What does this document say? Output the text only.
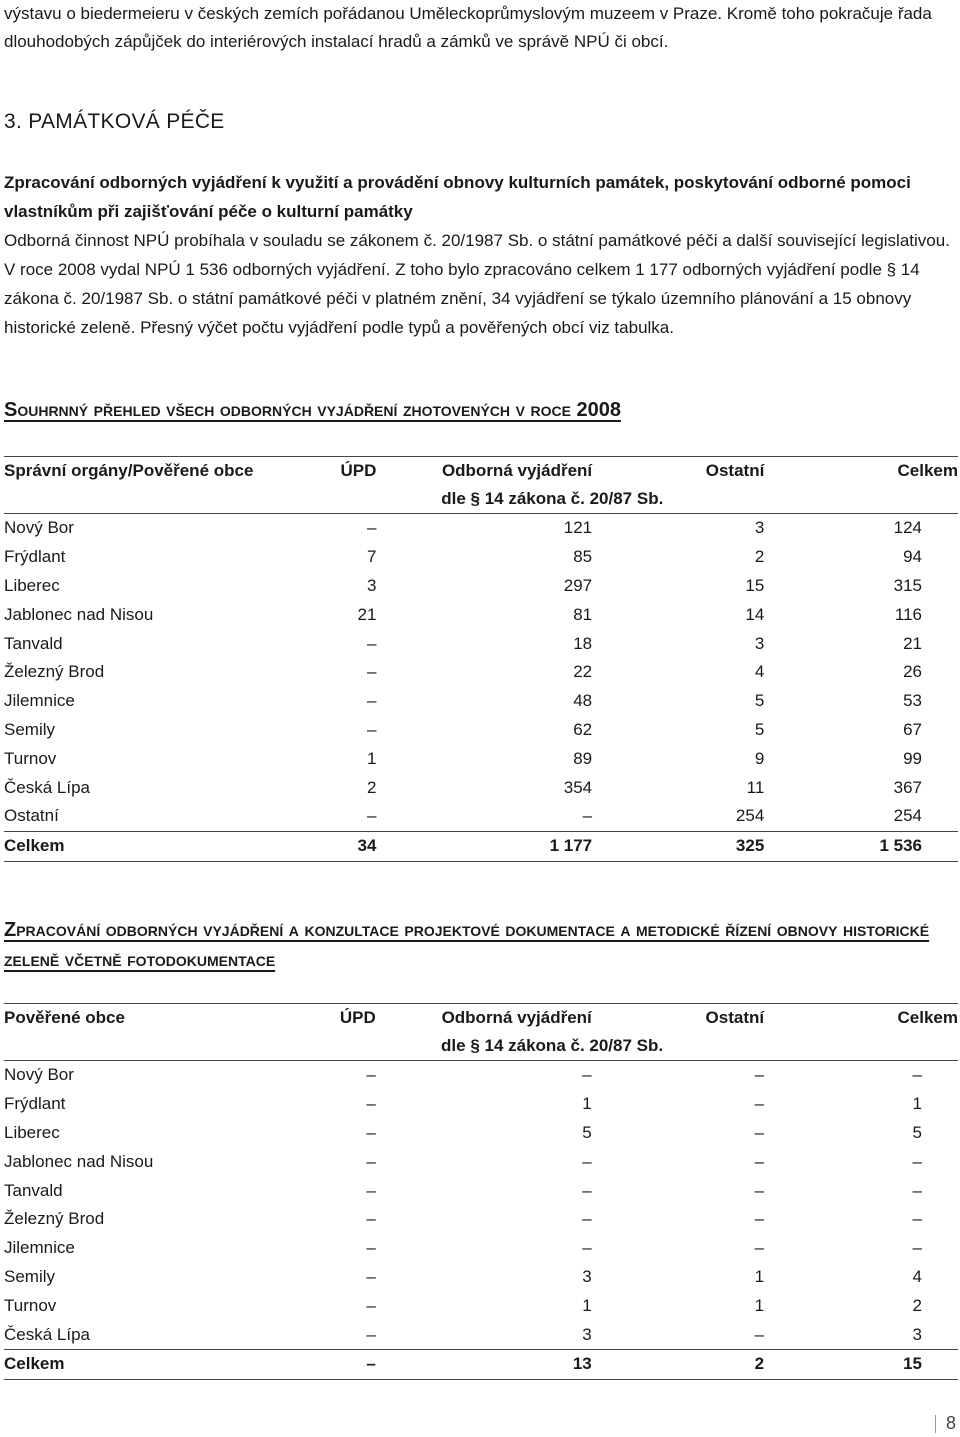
výstavu o biedermeieru v českých zemích pořádanou Uměleckoprůmyslovým muzeem v Praze. Kromě toho pokračuje řada
dlouhodobých zápůjček do interiérových instalací hradů a zámků ve správě NPÚ či obcí.
3. PAMÁTKOVÁ PÉČE
Zpracování odborných vyjádření k využití a provádění obnovy kulturních památek, poskytování odborné pomoci vlastníkům při zajišťování péče o kulturní památky
Odborná činnost NPÚ probíhala v souladu se zákonem č. 20/1987 Sb. o státní památkové péči a další související legislativou. V roce 2008 vydal NPÚ 1 536 odborných vyjádření. Z toho bylo zpracováno celkem 1 177 odborných vyjádření podle § 14 zákona č. 20/1987 Sb. o státní památkové péči v platném znění, 34 vyjádření se týkalo územního plánování a 15 obnovy historické zeleně. Přesný výčet počtu vyjádření podle typů a pověřených obcí viz tabulka.
Souhrnný přehled všech odborných vyjádření zhotovených v roce 2008
Správní orgány/Pověřené obce	ÚPD	Odborná vyjádření	Ostatní	Celkem
		dle § 14 zákona č. 20/87 Sb.		
Nový Bor	–	121	3	124
Frýdlant	7	85	2	94
Liberec	3	297	15	315
Jablonec nad Nisou	21	81	14	116
Tanvald	–	18	3	21
Železný Brod	–	22	4	26
Jilemnice	–	48	5	53
Semily	–	62	5	67
Turnov	1	89	9	99
Česká Lípa	2	354	11	367
Ostatní	–	–	254	254
Celkem	34	1 177	325	1 536
Zpracování odborných vyjádření a konzultace projektové dokumentace a metodické řízení obnovy historické zeleně včetně fotodokumentace
Pověřené obce	ÚPD	Odborná vyjádření	Ostatní	Celkem
		dle § 14 zákona č. 20/87 Sb.		
Nový Bor	–	–	–	–
Frýdlant	–	1	–	1
Liberec	–	5	–	5
Jablonec nad Nisou	–	–	–	–
Tanvald	–	–	–	–
Železný Brod	–	–	–	–
Jilemnice	–	–	–	–
Semily	–	3	1	4
Turnov	–	1	1	2
Česká Lípa	–	3	–	3
Celkem	–	13	2	15
8
